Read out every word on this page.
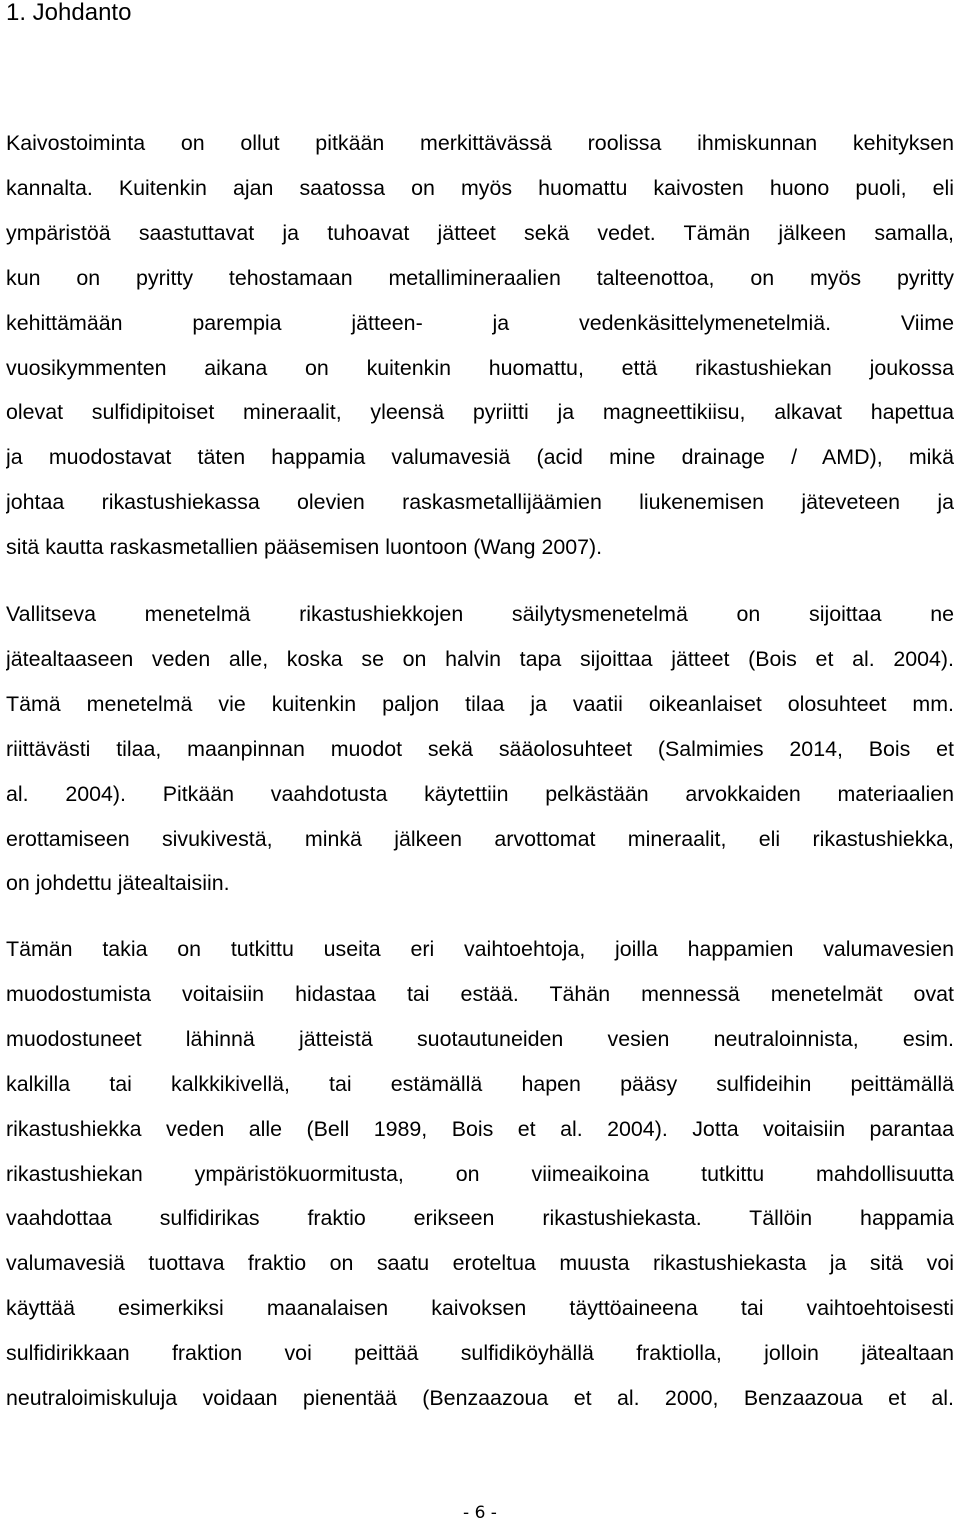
1. Johdanto
Kaivostoiminta on ollut pitkään merkittävässä roolissa ihmiskunnan kehityksen
kannalta. Kuitenkin ajan saatossa on myös huomattu kaivosten huono puoli, eli
ympäristöä saastuttavat ja tuhoavat jätteet sekä vedet. Tämän jälkeen samalla,
kun on pyritty tehostamaan metallimineraalien talteenottoa, on myös pyritty
kehittämään parempia jätteen- ja vedenkäsittelymenetelmiä. Viime
vuosikymmenten aikana on kuitenkin huomattu, että rikastushiekan joukossa
olevat sulfidipitoiset mineraalit, yleensä pyriitti ja magneettikiisu, alkavat hapettua
ja muodostavat täten happamia valumavesiä (acid mine drainage / AMD), mikä
johtaa rikastushiekassa olevien raskasmetallijäämien liukenemisen jäteveteen ja
sitä kautta raskasmetallien pääsemisen luontoon (Wang 2007).
Vallitseva menetelmä rikastushiekkojen säilytysmenetelmä on sijoittaa ne
jätealtaaseen veden alle, koska se on halvin tapa sijoittaa jätteet (Bois et al. 2004).
Tämä menetelmä vie kuitenkin paljon tilaa ja vaatii oikeanlaiset olosuhteet mm.
riittävästi tilaa, maanpinnan muodot sekä sääolosuhteet (Salmimies 2014, Bois et
al. 2004). Pitkään vaahdotusta käytettiin pelkästään arvokkaiden materiaalien
erottamiseen sivukivestä, minkä jälkeen arvottomat mineraalit, eli rikastushiekka,
on johdettu jätealtaisiin.
Tämän takia on tutkittu useita eri vaihtoehtoja, joilla happamien valumavesien
muodostumista voitaisiin hidastaa tai estää. Tähän mennessä menetelmät ovat
muodostuneet lähinnä jätteistä suotautuneiden vesien neutraloinnista, esim.
kalkilla tai kalkkikivellä, tai estämällä hapen pääsy sulfideihin peittämällä
rikastushiekka veden alle (Bell 1989, Bois et al. 2004). Jotta voitaisiin parantaa
rikastushiekan ympäristökuormitusta, on viimeaikoina tutkittu mahdollisuutta
vaahdottaa sulfidirikas fraktio erikseen rikastushiekasta. Tällöin happamia
valumavesiä tuottava fraktio on saatu eroteltua muusta rikastushiekasta ja sitä voi
käyttää esimerkiksi maanalaisen kaivoksen täyttöaineena tai vaihtoehtoisesti
sulfidirikkaan fraktion voi peittää sulfidiköyhällä fraktiolla, jolloin jätealtaan
neutraloimiskuluja voidaan pienentää (Benzaazoua et al. 2000, Benzaazoua et al.
- 6 -
